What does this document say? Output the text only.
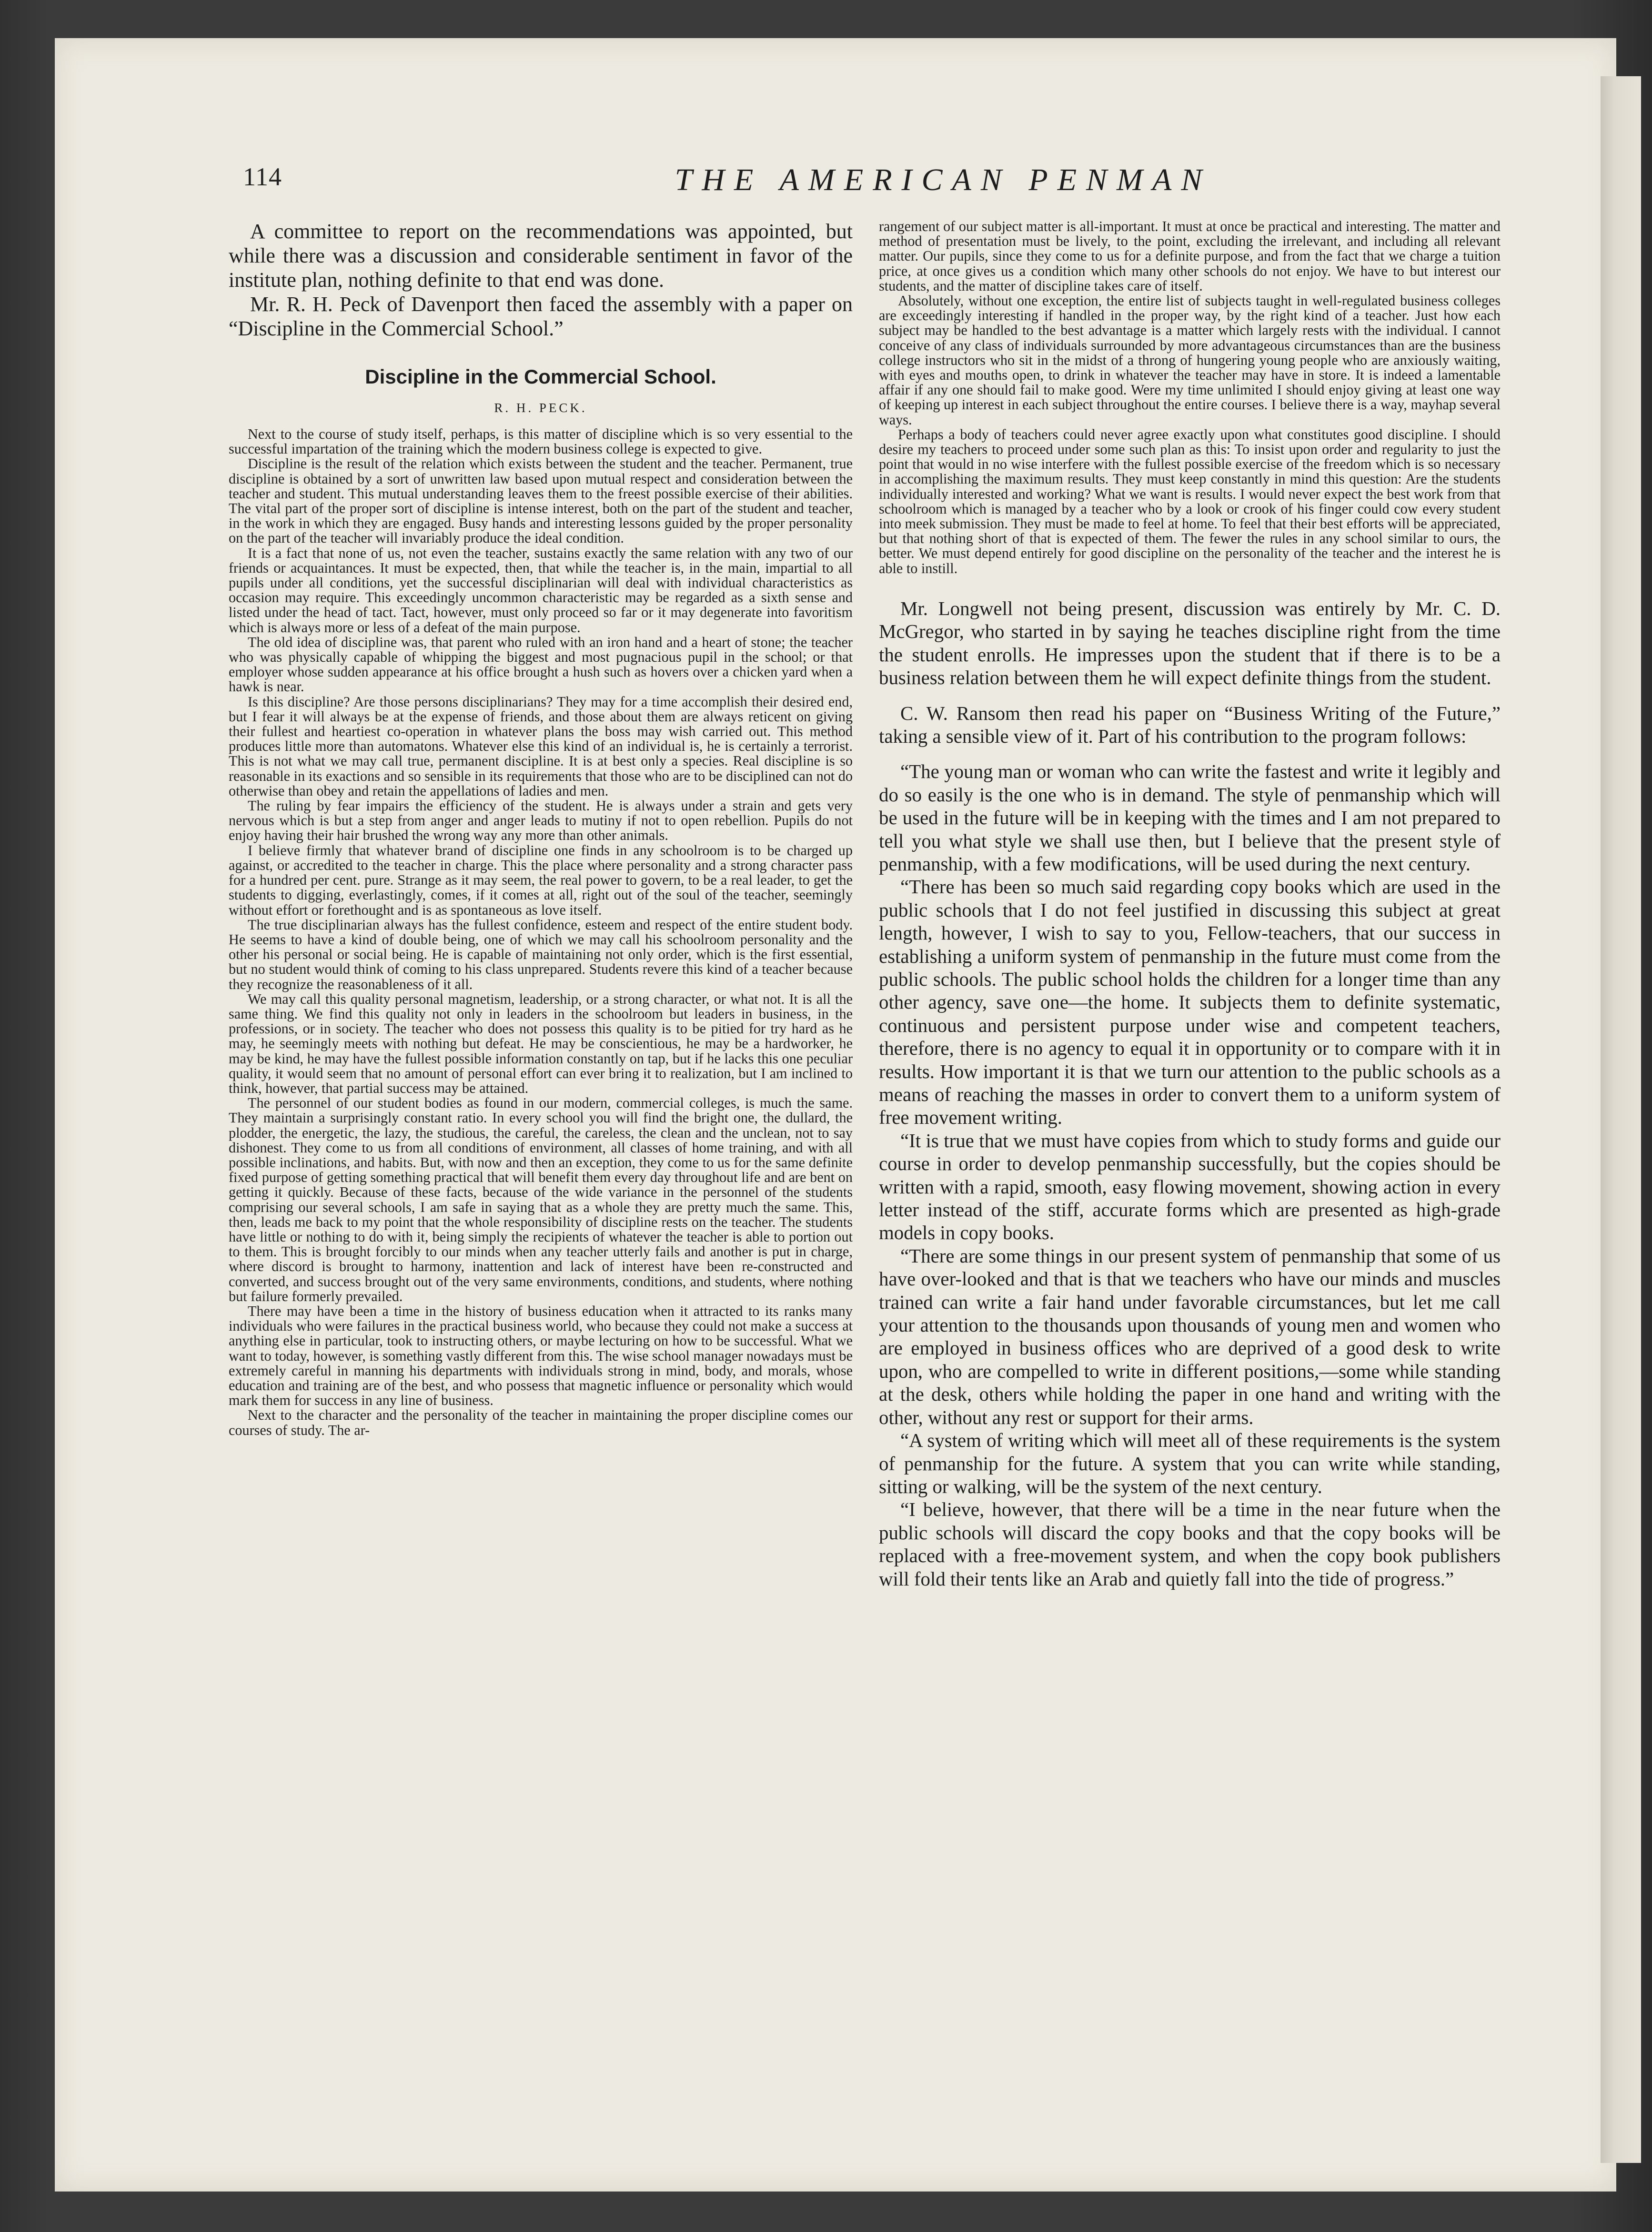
114	THE AMERICAN PENMAN

A committee to report on the recommendations was appointed, but while there was a discussion and considerable sentiment in favor of the institute plan, nothing definite to that end was done.

Mr. R. H. Peck of Davenport then faced the assembly with a paper on “Discipline in the Commercial School.”

Discipline in the Commercial School.
R. H. PECK.

Next to the course of study itself, perhaps, is this matter of discipline which is so very essential to the successful impartation of the training which the modern business college is expected to give.

Discipline is the result of the relation which exists between the student and the teacher. Permanent, true discipline is obtained by a sort of unwritten law based upon mutual respect and consideration between the teacher and student. This mutual understanding leaves them to the freest possible exercise of their abilities. The vital part of the proper sort of discipline is intense interest, both on the part of the student and teacher, in the work in which they are engaged. Busy hands and interesting lessons guided by the proper personality on the part of the teacher will invariably produce the ideal condition.

It is a fact that none of us, not even the teacher, sustains exactly the same relation with any two of our friends or acquaintances. It must be expected, then, that while the teacher is, in the main, impartial to all pupils under all conditions, yet the successful disciplinarian will deal with individual characteristics as occasion may require. This exceedingly uncommon characteristic may be regarded as a sixth sense and listed under the head of tact. Tact, however, must only proceed so far or it may degenerate into favoritism which is always more or less of a defeat of the main purpose.

The old idea of discipline was, that parent who ruled with an iron hand and a heart of stone; the teacher who was physically capable of whipping the biggest and most pugnacious pupil in the school; or that employer whose sudden appearance at his office brought a hush such as hovers over a chicken yard when a hawk is near.

Is this discipline? Are those persons disciplinarians? They may for a time accomplish their desired end, but I fear it will always be at the expense of friends, and those about them are always reticent on giving their fullest and heartiest co-operation in whatever plans the boss may wish carried out. This method produces little more than automatons. Whatever else this kind of an individual is, he is certainly a terrorist. This is not what we may call true, permanent discipline. It is at best only a species. Real discipline is so reasonable in its exactions and so sensible in its requirements that those who are to be disciplined can not do otherwise than obey and retain the appellations of ladies and men.

The ruling by fear impairs the efficiency of the student. He is always under a strain and gets very nervous which is but a step from anger and anger leads to mutiny if not to open rebellion. Pupils do not enjoy having their hair brushed the wrong way any more than other animals.

I believe firmly that whatever brand of discipline one finds in any schoolroom is to be charged up against, or accredited to the teacher in charge. This the place where personality and a strong character pass for a hundred per cent. pure. Strange as it may seem, the real power to govern, to be a real leader, to get the students to digging, everlastingly, comes, if it comes at all, right out of the soul of the teacher, seemingly without effort or forethought and is as spontaneous as love itself.

The true disciplinarian always has the fullest confidence, esteem and respect of the entire student body. He seems to have a kind of double being, one of which we may call his schoolroom personality and the other his personal or social being. He is capable of maintaining not only order, which is the first essential, but no student would think of coming to his class unprepared. Students revere this kind of a teacher because they recognize the reasonableness of it all.

We may call this quality personal magnetism, leadership, or a strong character, or what not. It is all the same thing. We find this quality not only in leaders in the schoolroom but leaders in business, in the professions, or in society. The teacher who does not possess this quality is to be pitied for try hard as he may, he seemingly meets with nothing but defeat. He may be conscientious, he may be a hardworker, he may be kind, he may have the fullest possible information constantly on tap, but if he lacks this one peculiar quality, it would seem that no amount of personal effort can ever bring it to realization, but I am inclined to think, however, that partial success may be attained.

The personnel of our student bodies as found in our modern, commercial colleges, is much the same. They maintain a surprisingly constant ratio. In every school you will find the bright one, the dullard, the plodder, the energetic, the lazy, the studious, the careful, the careless, the clean and the unclean, not to say dishonest. They come to us from all conditions of environment, all classes of home training, and with all possible inclinations, and habits. But, with now and then an exception, they come to us for the same definite fixed purpose of getting something practical that will benefit them every day throughout life and are bent on getting it quickly. Because of these facts, because of the wide variance in the personnel of the students comprising our several schools, I am safe in saying that as a whole they are pretty much the same. This, then, leads me back to my point that the whole responsibility of discipline rests on the teacher. The students have little or nothing to do with it, being simply the recipients of whatever the teacher is able to portion out to them. This is brought forcibly to our minds when any teacher utterly fails and another is put in charge, where discord is brought to harmony, inattention and lack of interest have been re-constructed and converted, and success brought out of the very same environments, conditions, and students, where nothing but failure formerly prevailed.

There may have been a time in the history of business education when it attracted to its ranks many individuals who were failures in the practical business world, who because they could not make a success at anything else in particular, took to instructing others, or maybe lecturing on how to be successful. What we want to today, however, is something vastly different from this. The wise school manager nowadays must be extremely careful in manning his departments with individuals strong in mind, body, and morals, whose education and training are of the best, and who possess that magnetic influence or personality which would mark them for success in any line of business.

Next to the character and the personality of the teacher in maintaining the proper discipline comes our courses of study. The ar-

rangement of our subject matter is all-important. It must at once be practical and interesting. The matter and method of presentation must be lively, to the point, excluding the irrelevant, and including all relevant matter. Our pupils, since they come to us for a definite purpose, and from the fact that we charge a tuition price, at once gives us a condition which many other schools do not enjoy. We have to but interest our students, and the matter of discipline takes care of itself.

Absolutely, without one exception, the entire list of subjects taught in well-regulated business colleges are exceedingly interesting if handled in the proper way, by the right kind of a teacher. Just how each subject may be handled to the best advantage is a matter which largely rests with the individual. I cannot conceive of any class of individuals surrounded by more advantageous circumstances than are the business college instructors who sit in the midst of a throng of hungering young people who are anxiously waiting, with eyes and mouths open, to drink in whatever the teacher may have in store. It is indeed a lamentable affair if any one should fail to make good. Were my time unlimited I should enjoy giving at least one way of keeping up interest in each subject throughout the entire courses. I believe there is a way, mayhap several ways.

Perhaps a body of teachers could never agree exactly upon what constitutes good discipline. I should desire my teachers to proceed under some such plan as this: To insist upon order and regularity to just the point that would in no wise interfere with the fullest possible exercise of the freedom which is so necessary in accomplishing the maximum results. They must keep constantly in mind this question: Are the students individually interested and working? What we want is results. I would never expect the best work from that schoolroom which is managed by a teacher who by a look or crook of his finger could cow every student into meek submission. They must be made to feel at home. To feel that their best efforts will be appreciated, but that nothing short of that is expected of them. The fewer the rules in any school similar to ours, the better. We must depend entirely for good discipline on the personality of the teacher and the interest he is able to instill.

Mr. Longwell not being present, discussion was entirely by Mr. C. D. McGregor, who started in by saying he teaches discipline right from the time the student enrolls. He impresses upon the student that if there is to be a business relation between them he will expect definite things from the student.

C. W. Ransom then read his paper on “Business Writing of the Future,” taking a sensible view of it. Part of his contribution to the program follows:

“The young man or woman who can write the fastest and write it legibly and do so easily is the one who is in demand. The style of penmanship which will be used in the future will be in keeping with the times and I am not prepared to tell you what style we shall use then, but I believe that the present style of penmanship, with a few modifications, will be used during the next century.

“There has been so much said regarding copy books which are used in the public schools that I do not feel justified in discussing this subject at great length, however, I wish to say to you, Fellow-teachers, that our success in establishing a uniform system of penmanship in the future must come from the public schools. The public school holds the children for a longer time than any other agency, save one—the home. It subjects them to definite systematic, continuous and persistent purpose under wise and competent teachers, therefore, there is no agency to equal it in opportunity or to compare with it in results. How important it is that we turn our attention to the public schools as a means of reaching the masses in order to convert them to a uniform system of free movement writing.

“It is true that we must have copies from which to study forms and guide our course in order to develop penmanship successfully, but the copies should be written with a rapid, smooth, easy flowing movement, showing action in every letter instead of the stiff, accurate forms which are presented as high-grade models in copy books.

“There are some things in our present system of penmanship that some of us have over-looked and that is that we teachers who have our minds and muscles trained can write a fair hand under favorable circumstances, but let me call your attention to the thousands upon thousands of young men and women who are employed in business offices who are deprived of a good desk to write upon, who are compelled to write in different positions,—some while standing at the desk, others while holding the paper in one hand and writing with the other, without any rest or support for their arms.

“A system of writing which will meet all of these requirements is the system of penmanship for the future. A system that you can write while standing, sitting or walking, will be the system of the next century.

“I believe, however, that there will be a time in the near future when the public schools will discard the copy books and that the copy books will be replaced with a free-movement system, and when the copy book publishers will fold their tents like an Arab and quietly fall into the tide of progress.”
